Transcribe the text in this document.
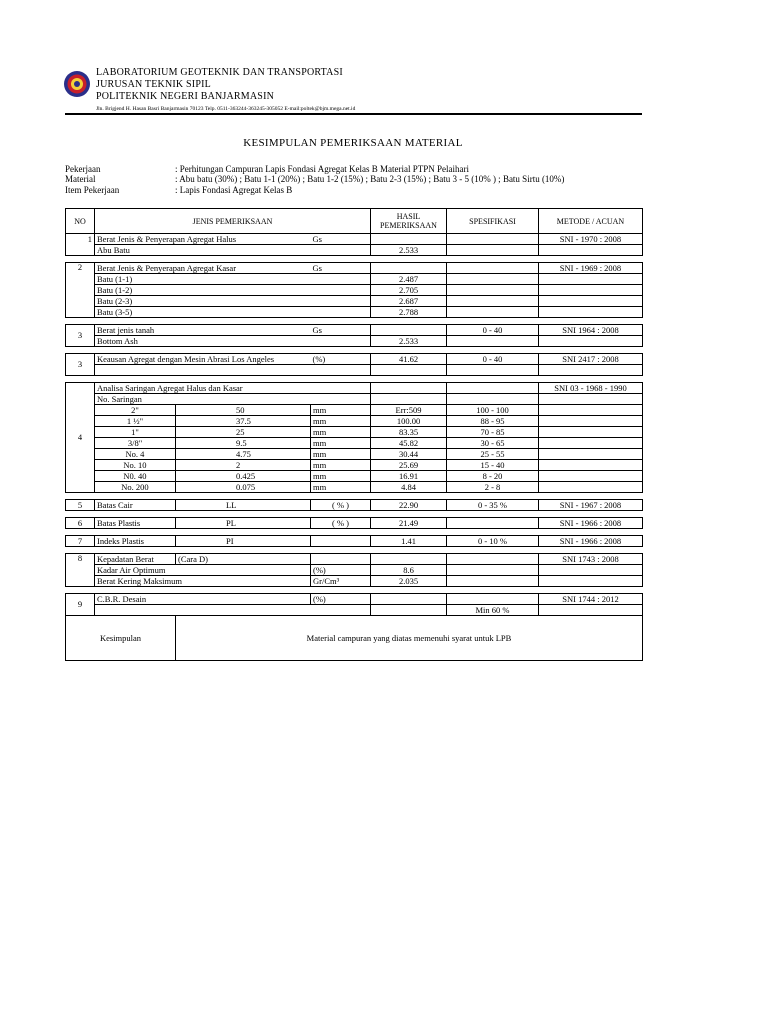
LABORATORIUM GEOTEKNIK DAN TRANSPORTASI
JURUSAN TEKNIK SIPIL
POLITEKNIK NEGERI BANJARMASIN
Jln. Brigjend H. Hasan Basri Banjarmasin 70123 Telp. 0511-363244-363245-305052 E-mail:poltek@bjm.mega.net.id
KESIMPULAN PEMERIKSAAN MATERIAL
Pekerjaan	: Perhitungan Campuran Lapis Fondasi Agregat Kelas B Material PTPN Pelaihari
Material	: Abu batu (30%) ; Batu 1-1 (20%) ; Batu 1-2 (15%) ; Batu 2-3 (15%) ; Batu 3 - 5 (10% ) ; Batu Sirtu (10%)
Item Pekerjaan	: Lapis Fondasi Agregat Kelas B
NO	JENIS PEMERIKSAAN			HASIL
PEMERIKSAAN	SPESIFIKASI	METODE / ACUAN
1	Berat Jenis & Penyerapan Agregat Halus		Gs			SNI - 1970 : 2008
	Abu Batu			2.533		

2	Berat Jenis & Penyerapan Agregat Kasar		Gs			SNI - 1969 : 2008
	Batu (1-1)			2.487		
	Batu (1-2)			2.705		
	Batu (2-3)			2.687		
	Batu (3-5)			2.788		

3	Berat jenis tanah		Gs		0 - 40	SNI 1964 : 2008
	Bottom Ash			2.533		

3	Keausan Agregat dengan Mesin Abrasi Los Angeles		(%)	41.62	0 - 40	SNI 2417 : 2008

4	Analisa Saringan Agregat Halus dan Kasar					SNI 03 - 1968 - 1990
	No. Saringan					
	2"	50	mm	Err:509	100 - 100	
	1 ½"	37.5	mm	100.00	88 - 95	
	1"	25	mm	83.35	70 - 85	
	3/8"	9.5	mm	45.82	30 - 65	
	No. 4	4.75	mm	30.44	25 - 55	
	No. 10	2	mm	25.69	15 - 40	
	N0. 40	0.425	mm	16.91	8 - 20	
	No. 200	0.075	mm	4.84	2 - 8	

5	Batas Cair	LL	( % )	22.90	0 - 35 %	SNI - 1967 : 2008

6	Batas Plastis	PL	( % )	21.49		SNI - 1966 : 2008

7	Indeks Plastis	PI		1.41	0 - 10 %	SNI - 1966 : 2008

8	Kepadatan Berat	(Cara D)				SNI 1743 : 2008
	Kadar Air Optimum		(%)	8.6		
	Berat Kering Maksimum		Gr/Cm³	2.035		

9	C.B.R. Desain		(%)			SNI 1744 : 2012
					Min 60 %	
Kesimpulan		Material campuran yang diatas memenuhi syarat untuk LPB				
